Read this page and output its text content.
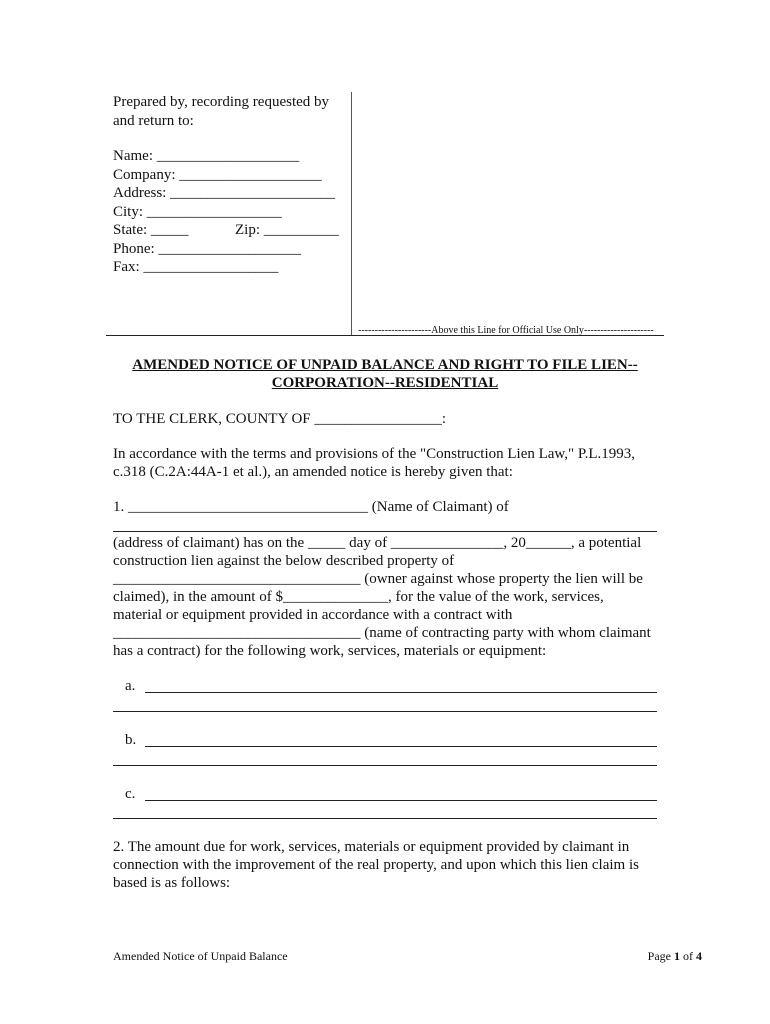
Prepared by, recording requested by
and return to:
Name: ___________________
Company: ___________________
Address: ______________________
City: __________________
State: _____	Zip: __________
Phone: ___________________
Fax: __________________
----------------------Above this Line for Official Use Only---------------------
AMENDED NOTICE OF UNPAID BALANCE AND RIGHT TO FILE LIEN--
CORPORATION--RESIDENTIAL
TO THE CLERK, COUNTY OF _________________:
In accordance with the terms and provisions of the "Construction Lien Law," P.L.1993,
c.318 (C.2A:44A-1 et al.), an amended notice is hereby given that:
1. ________________________________ (Name of Claimant) of
(address of claimant) has on the _____ day of _______________, 20______, a potential
construction lien against the below described property of
_________________________________ (owner against whose property the lien will be
claimed), in the amount of $______________, for the value of the work, services,
material or equipment provided in accordance with a contract with
_________________________________ (name of contracting party with whom claimant
has a contract) for the following work, services, materials or equipment:
a.
b.
c.
2. The amount due for work, services, materials or equipment provided by claimant in
connection with the improvement of the real property, and upon which this lien claim is
based is as follows:
Amended Notice of Unpaid Balance	Page 1 of 4
